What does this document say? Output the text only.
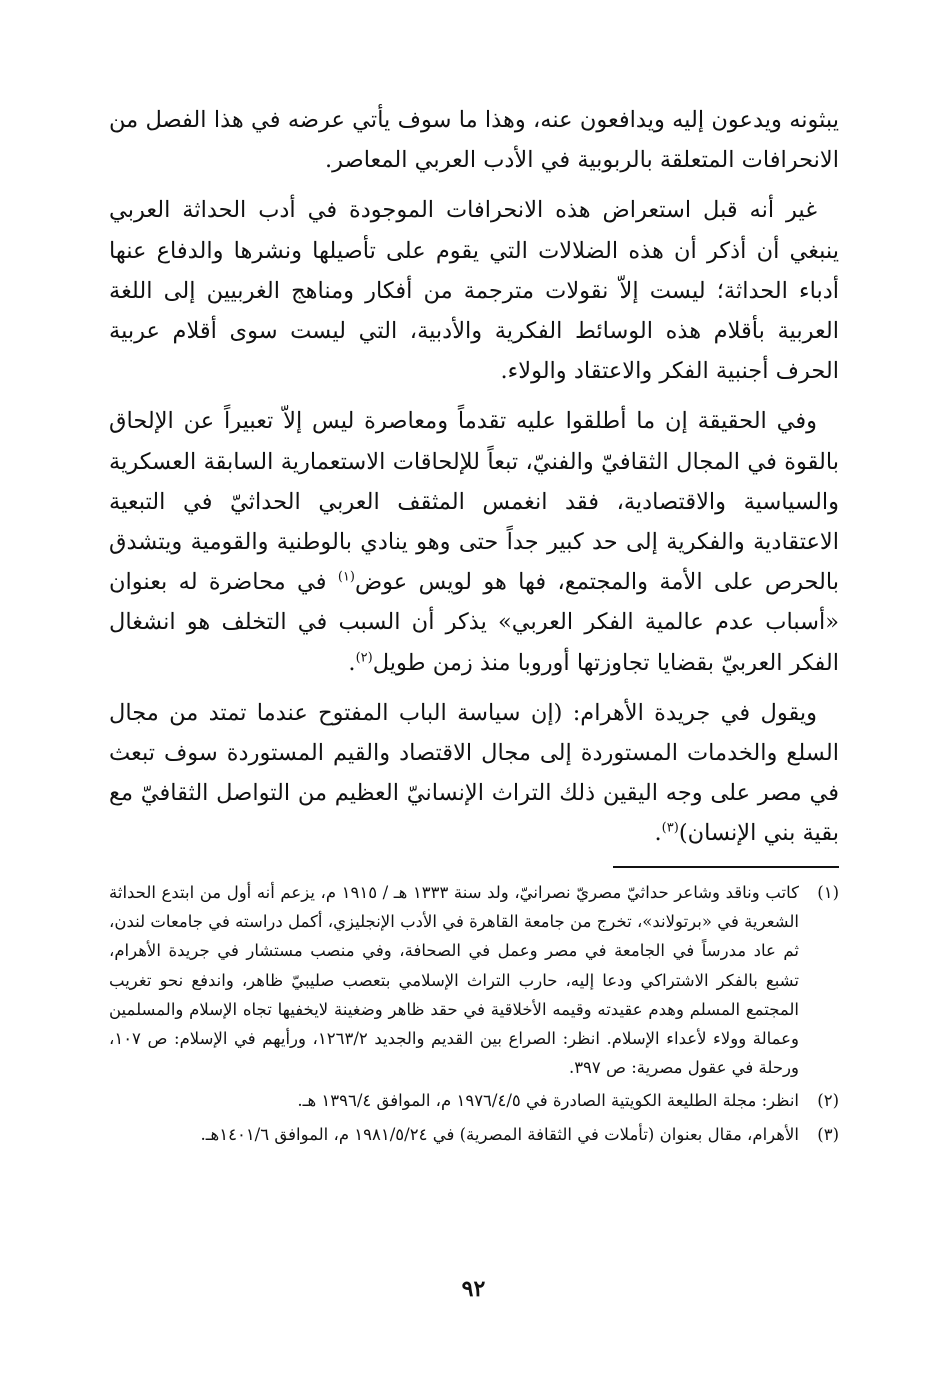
يبثونه ويدعون إليه ويدافعون عنه، وهذا ما سوف يأتي عرضه في هذا الفصل من الانحرافات المتعلقة بالربوبية في الأدب العربي المعاصر.

غير أنه قبل استعراض هذه الانحرافات الموجودة في أدب الحداثة العربي ينبغي أن أذكر أن هذه الضلالات التي يقوم على تأصيلها ونشرها والدفاع عنها أدباء الحداثة؛ ليست إلاّ نقولات مترجمة من أفكار ومناهج الغربيين إلى اللغة العربية بأقلام هذه الوسائط الفكرية والأدبية، التي ليست سوى أقلام عربية الحرف أجنبية الفكر والاعتقاد والولاء.

وفي الحقيقة إن ما أطلقوا عليه تقدماً ومعاصرة ليس إلاّ تعبيراً عن الإلحاق بالقوة في المجال الثقافيّ والفنيّ، تبعاً للإلحاقات الاستعمارية السابقة العسكرية والسياسية والاقتصادية، فقد انغمس المثقف العربي الحداثيّ في التبعية الاعتقادية والفكرية إلى حد كبير جداً حتى وهو ينادي بالوطنية والقومية ويتشدق بالحرص على الأمة والمجتمع، فها هو لويس عوض$^{(١)}$ في محاضرة له بعنوان «أسباب عدم عالمية الفكر العربي» يذكر أن السبب في التخلف هو انشغال الفكر العربيّ بقضايا تجاوزتها أوروبا منذ زمن طويل$^{(٢)}$.

ويقول في جريدة الأهرام: (إن سياسة الباب المفتوح عندما تمتد من مجال السلع والخدمات المستوردة إلى مجال الاقتصاد والقيم المستوردة سوف تبعث في مصر على وجه اليقين ذلك التراث الإنسانيّ العظيم من التواصل الثقافيّ مع بقية بني الإنسان)$^{(٣)}$.

(١)
كاتب وناقد وشاعر حداثيّ مصريّ نصرانيّ، ولد سنة ١٣٣٣ هـ / ١٩١٥ م، يزعم أنه أول من ابتدع الحداثة الشعرية في «برتولاند»، تخرج من جامعة القاهرة في الأدب الإنجليزي، أكمل دراسته في جامعات لندن، ثم عاد مدرساً في الجامعة في مصر وعمل في الصحافة، وفي منصب مستشار في جريدة الأهرام، تشبع بالفكر الاشتراكي ودعا إليه، حارب التراث الإسلامي بتعصب صليبيّ ظاهر، واندفع نحو تغريب المجتمع المسلم وهدم عقيدته وقيمه الأخلاقية في حقد ظاهر وضغينة لايخفيها تجاه الإسلام والمسلمين وعمالة وولاء لأعداء الإسلام. انظر: الصراع بين القديم والجديد ١٢٦٣/٢، ورأيهم في الإسلام: ص ١٠٧، ورحلة في عقول مصرية: ص ٣٩٧.
(٢)
انظر: مجلة الطليعة الكويتية الصادرة في ١٩٧٦/٤/٥ م، الموافق ١٣٩٦/٤ هـ.
(٣)
الأهرام، مقال بعنوان (تأملات في الثقافة المصرية) في ١٩٨١/٥/٢٤ م، الموافق ١٤٠١/٦هـ.
٩٢
